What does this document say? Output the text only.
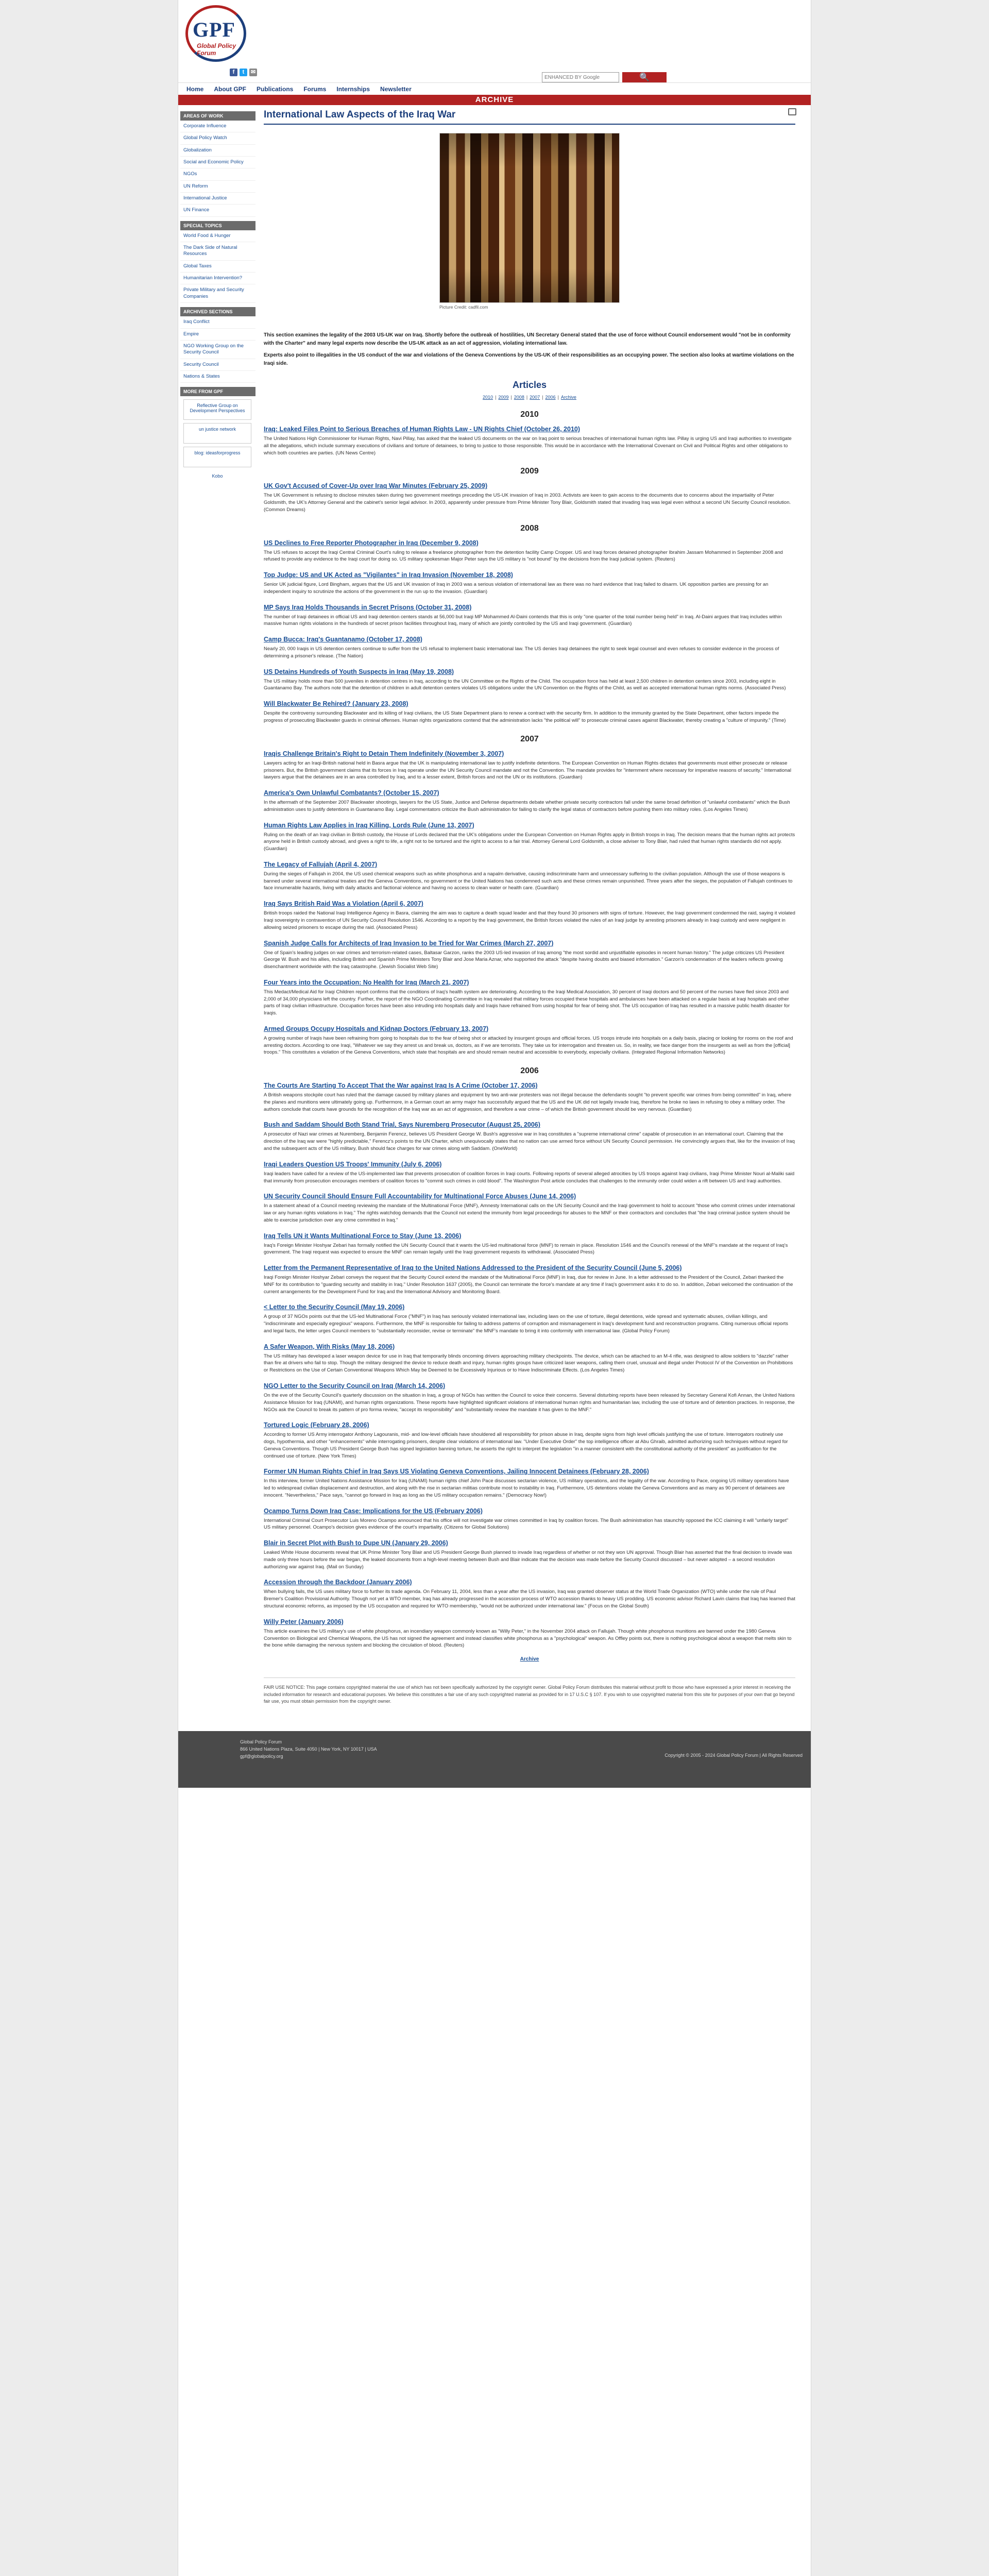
GPF
Global Policy Forum
f	t	✉
ENHANCED BY Google
🔍
Home About GPF Publications Forums Internships Newsletter
ARCHIVE
AREAS OF WORK
Corporate Influence
Global Policy Watch
Globalization
Social and Economic Policy
NGOs
UN Reform
International Justice
UN Finance
SPECIAL TOPICS
World Food & Hunger
The Dark Side of Natural Resources
Global Taxes
Humanitarian Intervention?
Private Military and Security Companies
ARCHIVED SECTIONS
Iraq Conflict
Empire
NGO Working Group on the Security Council
Security Council
Nations & States
MORE FROM GPF
Reflective Group on Development Perspectives
un justice network
blog: ideasforprogress
Kobo
International Law Aspects of the Iraq War
Picture Credit: cadfil.com

This section examines the legality of the 2003 US-UK war on Iraq. Shortly before the outbreak of hostilities, UN Secretary General stated that the use of force without Council endorsement would "not be in conformity with the Charter" and many legal experts now describe the US-UK attack as an act of aggression, violating international law.

Experts also point to illegalities in the US conduct of the war and violations of the Geneva Conventions by the US-UK of their responsibilities as an occupying power. The section also looks at wartime violations on the Iraqi side.

Articles
2010 | 2009 | 2008 | 2007 | 2006 | Archive
2010
Iraq: Leaked Files Point to Serious Breaches of Human Rights Law - UN Rights Chief (October 26, 2010)
The United Nations High Commissioner for Human Rights, Navi Pillay, has asked that the leaked US documents on the war on Iraq point to serious breaches of international human rights law. Pillay is urging US and Iraqi authorities to investigate all the allegations, which include summary executions of civilians and torture of detainees, to bring to justice to those responsible. This would be in accordance with the International Covenant on Civil and Political Rights and other obligations to which both countries are parties. (UN News Centre)
2009
UK Gov't Accused of Cover-Up over Iraq War Minutes (February 25, 2009)
The UK Government is refusing to disclose minutes taken during two government meetings preceding the US-UK invasion of Iraq in 2003. Activists are keen to gain access to the documents due to concerns about the impartiality of Peter Goldsmith, the UK's Attorney General and the cabinet's senior legal advisor. In 2003, apparently under pressure from Prime Minister Tony Blair, Goldsmith stated that invading Iraq was legal even without a second UN Security Council resolution. (Common Dreams)
2008
US Declines to Free Reporter Photographer in Iraq (December 9, 2008)
The US refuses to accept the Iraqi Central Criminal Court's ruling to release a freelance photographer from the detention facility Camp Cropper. US and Iraqi forces detained photographer Ibrahim Jassam Mohammed in September 2008 and refused to provide any evidence to the Iraqi court for doing so. US military spokesman Major Peter says the US military is "not bound" by the decisions from the Iraqi judicial system. (Reuters)
Top Judge: US and UK Acted as "Vigilantes" in Iraq Invasion (November 18, 2008)
Senior UK judicial figure, Lord Bingham, argues that the US and UK invasion of Iraq in 2003 was a serious violation of international law as there was no hard evidence that Iraq failed to disarm. UK opposition parties are pressing for an independent inquiry to scrutinize the actions of the government in the run up to the invasion. (Guardian)
MP Says Iraq Holds Thousands in Secret Prisons (October 31, 2008)
The number of Iraqi detainees in official US and Iraqi detention centers stands at 56,000 but Iraqi MP Mohammed Al-Daini contends that this is only "one quarter of the total number being held" in Iraq. Al-Daini argues that Iraq includes within massive human rights violations in the hundreds of secret prison facilities throughout Iraq, many of which are jointly controlled by the US and Iraqi government. (Guardian)
Camp Bucca: Iraq's Guantanamo (October 17, 2008)
Nearly 20, 000 Iraqis in US detention centers continue to suffer from the US refusal to implement basic international law. The US denies Iraqi detainees the right to seek legal counsel and even refuses to consider evidence in the process of determining a prisoner's release. (The Nation)
US Detains Hundreds of Youth Suspects in Iraq (May 19, 2008)
The US military holds more than 500 juveniles in detention centres in Iraq, according to the UN Committee on the Rights of the Child. The occupation force has held at least 2,500 children in detention centers since 2003, including eight in Guantanamo Bay. The authors note that the detention of children in adult detention centers violates US obligations under the UN Convention on the Rights of the Child, as well as accepted international human rights norms. (Associated Press)
Will Blackwater Be Rehired? (January 23, 2008)
Despite the controversy surrounding Blackwater and its killing of Iraqi civilians, the US State Department plans to renew a contract with the security firm. In addition to the immunity granted by the State Department, other factors impede the progress of prosecuting Blackwater guards in criminal offenses. Human rights organizations contend that the administration lacks "the political will" to prosecute criminal cases against Blackwater, thereby creating a "culture of impunity." (Time)
2007
Iraqis Challenge Britain's Right to Detain Them Indefinitely (November 3, 2007)
Lawyers acting for an Iraqi-British national held in Basra argue that the UK is manipulating international law to justify indefinite detentions. The European Convention on Human Rights dictates that governments must either prosecute or release prisoners. But, the British government claims that its forces in Iraq operate under the UN Security Council mandate and not the Convention. The mandate provides for "internment where necessary for imperative reasons of security." International lawyers argue that the detainees are in an area controlled by Iraq, and to a lesser extent, British forces and not the UN or its institutions. (Guardian)
America's Own Unlawful Combatants? (October 15, 2007)
In the aftermath of the September 2007 Blackwater shootings, lawyers for the US State, Justice and Defense departments debate whether private security contractors fall under the same broad definition of "unlawful combatants" which the Bush administration uses to justify detentions in Guantanamo Bay. Legal commentators criticize the Bush administration for failing to clarify the legal status of contractors before pushing them into military roles. (Los Angeles Times)
Human Rights Law Applies in Iraq Killing, Lords Rule (June 13, 2007)
Ruling on the death of an Iraqi civilian in British custody, the House of Lords declared that the UK's obligations under the European Convention on Human Rights apply in British troops in Iraq. The decision means that the human rights act protects anyone held in British custody abroad, and gives a right to life, a right not to be tortured and the right to access to a fair trial. Attorney General Lord Goldsmith, a close adviser to Tony Blair, had ruled that human rights standards did not apply. (Guardian)
The Legacy of Fallujah (April 4, 2007)
During the sieges of Fallujah in 2004, the US used chemical weapons such as white phosphorus and a napalm derivative, causing indiscriminate harm and unnecessary suffering to the civilian population. Although the use of those weapons is banned under several international treaties and the Geneva Conventions, no government or the United Nations has condemned such acts and these crimes remain unpunished. Three years after the sieges, the population of Fallujah continues to face innumerable hazards, living with daily attacks and factional violence and having no access to clean water or health care. (Guardian)
Iraq Says British Raid Was a Violation (April 6, 2007)
British troops raided the National Iraqi Intelligence Agency in Basra, claiming the aim was to capture a death squad leader and that they found 30 prisoners with signs of torture. However, the Iraqi government condemned the raid, saying it violated Iraqi sovereignty in contravention of UN Security Council Resolution 1546. According to a report by the Iraqi government, the British forces violated the rules of an Iraqi judge by arresting prisoners already in Iraqi custody and were negligent in allowing seized prisoners to escape during the raid. (Associated Press)
Spanish Judge Calls for Architects of Iraq Invasion to be Tried for War Crimes (March 27, 2007)
One of Spain's leading judges on war crimes and terrorism-related cases, Baltasar Garzon, ranks the 2003 US-led invasion of Iraq among "the most sordid and unjustifiable episodes in recent human history." The judge criticizes US President George W. Bush and his allies, including British and Spanish Prime Ministers Tony Blair and Jose Maria Aznar, who supported the attack "despite having doubts and biased information." Garzon's condemnation of the leaders reflects growing disenchantment worldwide with the Iraq catastrophe. (Jewish Socialist Web Site)
Four Years into the Occupation: No Health for Iraq (March 21, 2007)
This Medact/Medical Aid for Iraqi Children report confirms that the conditions of Iraq's health system are deteriorating. According to the Iraqi Medical Association, 30 percent of Iraqi doctors and 50 percent of the nurses have fled since 2003 and 2,000 of 34,000 physicians left the country. Further, the report of the NGO Coordinating Committee in Iraq revealed that military forces occupied these hospitals and ambulances have been attacked on a regular basis at Iraqi hospitals and other parts of Iraqi civilian infrastructure. Occupation forces have been also intruding into hospitals daily and Iraqis have refrained from using hospital for fear of being shot. The US occupation of Iraq has resulted in a massive public health disaster for Iraqis.
Armed Groups Occupy Hospitals and Kidnap Doctors (February 13, 2007)
A growing number of Iraqis have been refraining from going to hospitals due to the fear of being shot or attacked by insurgent groups and official forces. US troops intrude into hospitals on a daily basis, placing or looking for rooms on the roof and arresting doctors. According to one Iraqi, "Whatever we say they arrest us and break us, doctors, as if we are terrorists. They take us for interrogation and threaten us. So, in reality, we face danger from the insurgents as well as from the [official] troops." This constitutes a violation of the Geneva Conventions, which state that hospitals are and should remain neutral and accessible to everybody, especially civilians. (Integrated Regional Information Networks)
2006
The Courts Are Starting To Accept That the War against Iraq Is A Crime (October 17, 2006)
A British weapons stockpile court has ruled that the damage caused by military planes and equipment by two anti-war protesters was not illegal because the defendants sought "to prevent specific war crimes from being committed" in Iraq, where the planes and munitions were ultimately going up. Furthermore, in a German court an army major has successfully argued that the US and the UK did not legally invade Iraq, therefore he broke no laws in refusing to obey a military order. The authors conclude that courts have grounds for the recognition of the Iraq war as an act of aggression, and therefore a war crime – of which the British government should be very nervous. (Guardian)
Bush and Saddam Should Both Stand Trial, Says Nuremberg Prosecutor (August 25, 2006)
A prosecutor of Nazi war crimes at Nuremberg, Benjamin Ferencz, believes US President George W. Bush's aggressive war in Iraq constitutes a "supreme international crime" capable of prosecution in an international court. Claiming that the direction of the Iraq war were "highly predictable," Ferencz's points to the UN Charter, which unequivocally states that no nation can use armed force without UN Security Council permission. He convincingly argues that, like for the invasion of Iraq and the subsequent acts of the US military, Bush should face charges for war crimes along with Saddam. (OneWorld)
Iraqi Leaders Question US Troops' Immunity (July 6, 2006)
Iraqi leaders have called for a review of the US-implemented law that prevents prosecution of coalition forces in Iraqi courts. Following reports of several alleged atrocities by US troops against Iraqi civilians, Iraqi Prime Minister Nouri al-Maliki said that immunity from prosecution encourages members of coalition forces to "commit such crimes in cold blood". The Washington Post article concludes that challenges to the immunity order could widen a rift between US and Iraqi authorities.
UN Security Council Should Ensure Full Accountability for Multinational Force Abuses (June 14, 2006)
In a statement ahead of a Council meeting reviewing the mandate of the Multinational Force (MNF), Amnesty International calls on the UN Security Council and the Iraqi government to hold to account "those who commit crimes under international law or any human rights violations in Iraq." The rights watchdog demands that the Council not extend the immunity from legal proceedings for abuses to the MNF or their contractors and concludes that "the Iraqi criminal justice system should be able to exercise jurisdiction over any crime committed in Iraq."
Iraq Tells UN it Wants Multinational Force to Stay (June 13, 2006)
Iraq's Foreign Minister Hoshyar Zebari has formally notified the UN Security Council that it wants the US-led multinational force (MNF) to remain in place. Resolution 1546 and the Council's renewal of the MNF's mandate at the request of Iraq's government. The Iraqi request was expected to ensure the MNF can remain legally until the Iraqi government requests its withdrawal. (Associated Press)
Letter from the Permanent Representative of Iraq to the United Nations Addressed to the President of the Security Council (June 5, 2006)
Iraqi Foreign Minister Hoshyar Zebari conveys the request that the Security Council extend the mandate of the Multinational Force (MNF) in Iraq, due for review in June. In a letter addressed to the President of the Council, Zebari thanked the MNF for its contribution to "guarding security and stability in Iraq." Under Resolution 1637 (2005), the Council can terminate the force's mandate at any time if Iraq's government asks it to do so. In addition, Zebari welcomed the continuation of the current arrangements for the Development Fund for Iraq and the International Advisory and Monitoring Board.
< Letter to the Security Council (May 19, 2006)
A group of 37 NGOs points out that the US-led Multinational Force ("MNF") in Iraq has seriously violated international law, including laws on the use of torture, illegal detentions, wide spread and systematic abuses, civilian killings, and "indiscriminate and especially egregious" weapons. Furthermore, the MNF is responsible for failing to address patterns of corruption and mismanagement in Iraq's development fund and reconstruction programs. Citing numerous official reports and legal facts, the letter urges Council members to "substantially reconsider, revise or terminate" the MNF's mandate to bring it into conformity with international law. (Global Policy Forum)
A Safer Weapon, With Risks (May 18, 2006)
The US military has developed a laser weapon device for use in Iraq that temporarily blinds oncoming drivers approaching military checkpoints. The device, which can be attached to an M-4 rifle, was designed to allow soldiers to "dazzle" rather than fire at drivers who fail to stop. Though the military designed the device to reduce death and injury, human rights groups have criticized laser weapons, calling them cruel, unusual and illegal under Protocol IV of the Convention on Prohibitions or Restrictions on the Use of Certain Conventional Weapons Which May be Deemed to be Excessively Injurious or to Have Indiscriminate Effects. (Los Angeles Times)
NGO Letter to the Security Council on Iraq (March 14, 2006)
On the eve of the Security Council's quarterly discussion on the situation in Iraq, a group of NGOs has written the Council to voice their concerns. Several disturbing reports have been released by Secretary General Kofi Annan, the United Nations Assistance Mission for Iraq (UNAMI), and human rights organizations. These reports have highlighted significant violations of international human rights and humanitarian law, including the use of torture and of detention practices. In response, the NGOs ask the Council to break its pattern of pro forma review, "accept its responsibility" and "substantially review the mandate it has given to the MNF."
Tortured Logic (February 28, 2006)
According to former US Army interrogator Anthony Lagouranis, mid- and low-level officials have shouldered all responsibility for prison abuse in Iraq, despite signs from high level officials justifying the use of torture. Interrogators routinely use dogs, hypothermia, and other "enhancements" while interrogating prisoners, despite clear violations of international law. "Under Executive Order" the top intelligence officer at Abu Ghraib, admitted authorizing such techniques without regard for Geneva Conventions. Though US President George Bush has signed legislation banning torture, he asserts the right to interpret the legislation "in a manner consistent with the constitutional authority of the president" as justification for the continued use of torture. (New York Times)
Former UN Human Rights Chief in Iraq Says US Violating Geneva Conventions, Jailing Innocent Detainees (February 28, 2006)
In this interview, former United Nations Assistance Mission for Iraq (UNAMI) human rights chief John Pace discusses sectarian violence, US military operations, and the legality of the war. According to Pace, ongoing US military operations have led to widespread civilian displacement and destruction, and along with the rise in sectarian militias contribute most to instability in Iraq. Furthermore, US detentions violate the Geneva Conventions and as many as 90 percent of detainees are innocent. "Nevertheless," Pace says, "cannot go forward in Iraq as long as the US military occupation remains." (Democracy Now!)
Ocampo Turns Down Iraq Case: Implications for the US (February 2006)
International Criminal Court Prosecutor Luis Moreno Ocampo announced that his office will not investigate war crimes committed in Iraq by coalition forces. The Bush administration has staunchly opposed the ICC claiming it will "unfairly target" US military personnel. Ocampo's decision gives evidence of the court's impartiality. (Citizens for Global Solutions)
Blair in Secret Plot with Bush to Dupe UN (January 29, 2006)
Leaked White House documents reveal that UK Prime Minister Tony Blair and US President George Bush planned to invade Iraq regardless of whether or not they won UN approval. Though Blair has asserted that the final decision to invade was made only three hours before the war began, the leaked documents from a high-level meeting between Bush and Blair indicate that the decision was made before the Security Council discussed – but never adopted – a second resolution authorizing war against Iraq. (Mail on Sunday)
Accession through the Backdoor (January 2006)
When bullying fails, the US uses military force to further its trade agenda. On February 11, 2004, less than a year after the US invasion, Iraq was granted observer status at the World Trade Organization (WTO) while under the rule of Paul Bremer's Coalition Provisional Authority. Though not yet a WTO member, Iraq has already progressed in the accession process of WTO accession thanks to heavy US prodding. US economic advisor Richard Lavin claims that Iraq has learned that structural economic reforms, as imposed by the US occupation and required for WTO membership, "would not be authorized under international law." (Focus on the Global South)
Willy Peter (January 2006)
This article examines the US military's use of white phosphorus, an incendiary weapon commonly known as "Willy Peter," in the November 2004 attack on Fallujah. Though white phosphorus munitions are banned under the 1980 Geneva Convention on Biological and Chemical Weapons, the US has not signed the agreement and instead classifies white phosphorus as a "psychological" weapon. As Offley points out, there is nothing psychological about a weapon that melts skin to the bone while damaging the nervous system and blocking the circulation of blood. (Reuters)
Archive
FAIR USE NOTICE: This page contains copyrighted material the use of which has not been specifically authorized by the copyright owner. Global Policy Forum distributes this material without profit to those who have expressed a prior interest in receiving the included information for research and educational purposes. We believe this constitutes a fair use of any such copyrighted material as provided for in 17 U.S.C § 107. If you wish to use copyrighted material from this site for purposes of your own that go beyond fair use, you must obtain permission from the copyright owner.
Global Policy Forum
866 United Nations Plaza, Suite 4050 | New York, NY 10017 | USA
gpf@globalpolicy.org	Copyright © 2005 - 2024 Global Policy Forum | All Rights Reserved
